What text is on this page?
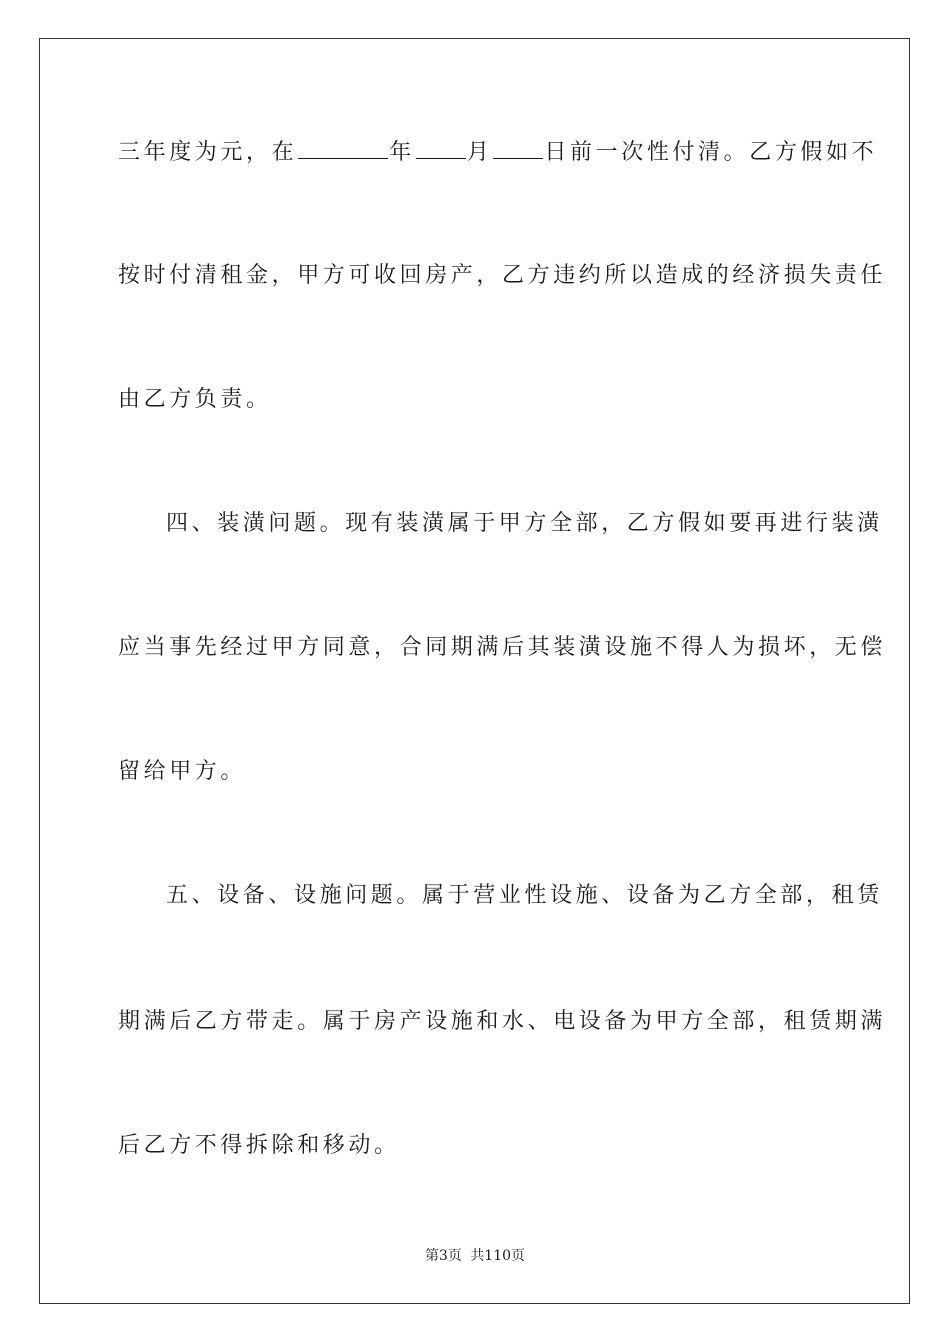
三年度为元，在	年 月 日前一次性付清。乙方假如不
按时付清租金，甲方可收回房产，乙方违约所以造成的经济损失责任
由乙方负责。
四、装潢问题。现有装潢属于甲方全部，乙方假如要再进行装潢
应当事先经过甲方同意，合同期满后其装潢设施不得人为损坏，无偿
留给甲方。
五、设备、设施问题。属于营业性设施、设备为乙方全部，租赁
期满后乙方带走。属于房产设施和水、电设备为甲方全部，租赁期满
后乙方不得拆除和移动。
第3页 共110页
